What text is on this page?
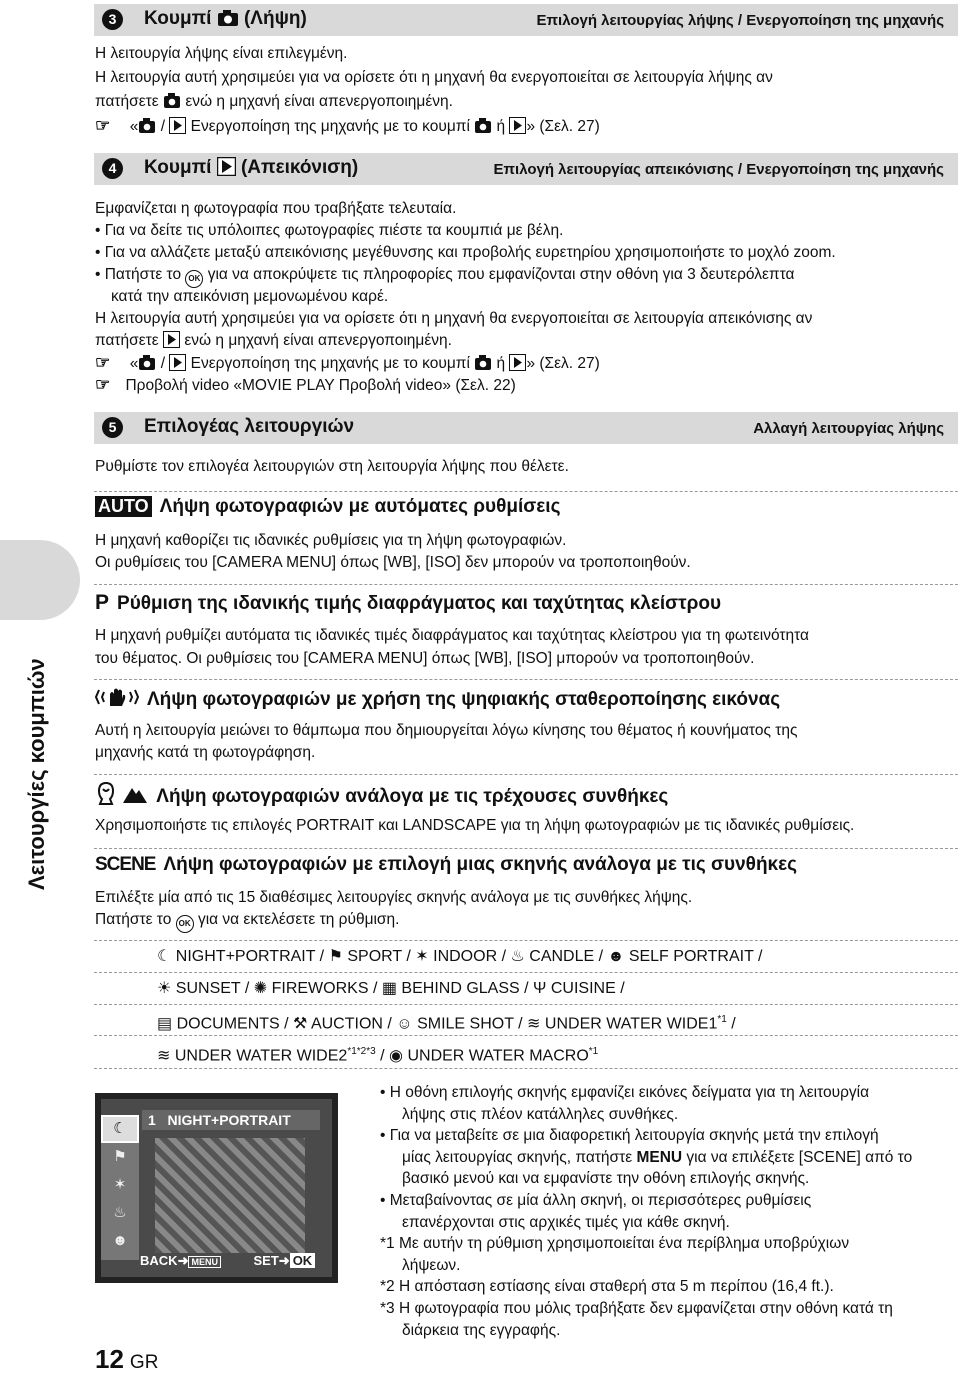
3	Κουμπί (Λήψη)	Επιλογή λειτουργίας λήψης / Ενεργοποίηση της μηχανής
Η λειτουργία λήψης είναι επιλεγμένη.
Η λειτουργία αυτή χρησιμεύει για να ορίσετε ότι η μηχανή θα ενεργοποιείται σε λειτουργία λήψης αν
πατήσετε ενώ η μηχανή είναι απενεργοποιημένη.
☞ « / Ενεργοποίηση της μηχανής με το κουμπί ή » (Σελ. 27)
4	Κουμπί (Απεικόνιση)	Επιλογή λειτουργίας απεικόνισης / Ενεργοποίηση της μηχανής
Εμφανίζεται η φωτογραφία που τραβήξατε τελευταία.
• Για να δείτε τις υπόλοιπες φωτογραφίες πιέστε τα κουμπιά με βέλη.
• Για να αλλάζετε μεταξύ απεικόνισης μεγέθυνσης και προβολής ευρετηρίου χρησιμοποιήστε το μοχλό zoom.
• Πατήστε το OK για να αποκρύψετε τις πληροφορίες που εμφανίζονται στην οθόνη για 3 δευτερόλεπτα
κατά την απεικόνιση μεμονωμένου καρέ.
Η λειτουργία αυτή χρησιμεύει για να ορίσετε ότι η μηχανή θα ενεργοποιείται σε λειτουργία απεικόνισης αν
πατήσετε ενώ η μηχανή είναι απενεργοποιημένη.
☞ « / Ενεργοποίηση της μηχανής με το κουμπί ή » (Σελ. 27)
☞ Προβολή video «MOVIE PLAY Προβολή video» (Σελ. 22)
5	Επιλογέας λειτουργιών	Αλλαγή λειτουργίας λήψης
Ρυθμίστε τον επιλογέα λειτουργιών στη λειτουργία λήψης που θέλετε.
AUTO Λήψη φωτογραφιών με αυτόματες ρυθμίσεις
Η μηχανή καθορίζει τις ιδανικές ρυθμίσεις για τη λήψη φωτογραφιών.
Οι ρυθμίσεις του [CAMERA MENU] όπως [WB], [ISO] δεν μπορούν να τροποποιηθούν.
P Ρύθμιση της ιδανικής τιμής διαφράγματος και ταχύτητας κλείστρου
Η μηχανή ρυθμίζει αυτόματα τις ιδανικές τιμές διαφράγματος και ταχύτητας κλείστρου για τη φωτεινότητα
του θέματος. Οι ρυθμίσεις του [CAMERA MENU] όπως [WB], [ISO] μπορούν να τροποποιηθούν.
Λήψη φωτογραφιών με χρήση της ψηφιακής σταθεροποίησης εικόνας
Αυτή η λειτουργία μειώνει το θάμπωμα που δημιουργείται λόγω κίνησης του θέματος ή κουνήματος της
μηχανής κατά τη φωτογράφηση.
Λήψη φωτογραφιών ανάλογα με τις τρέχουσες συνθήκες
Χρησιμοποιήστε τις επιλογές PORTRAIT και LANDSCAPE για τη λήψη φωτογραφιών με τις ιδανικές ρυθμίσεις.
SCENE Λήψη φωτογραφιών με επιλογή μιας σκηνής ανάλογα με τις συνθήκες
Επιλέξτε μία από τις 15 διαθέσιμες λειτουργίες σκηνής ανάλογα με τις συνθήκες λήψης.
Πατήστε το OK για να εκτελέσετε τη ρύθμιση.
☾ NIGHT+PORTRAIT / ⚑ SPORT / ✶ INDOOR / ♨ CANDLE / ☻ SELF PORTRAIT /
☀ SUNSET / ✺ FIREWORKS / ▦ BEHIND GLASS / Ψ CUISINE /
▤ DOCUMENTS / ⚒ AUCTION / ☺ SMILE SHOT / ≋ UNDER WATER WIDE1$^{*1}$ /
≋ UNDER WATER $WIDE2^{*1*2*3}$ / ◉ UNDER WATER MACRO$^{*1}$
1 NIGHT+PORTRAIT
☾
⚑
✶
♨
☻
BACK➜ MENU	SET➜ OK
• Η οθόνη επιλογής σκηνής εμφανίζει εικόνες δείγματα για τη λειτουργία
λήψης στις πλέον κατάλληλες συνθήκες.
• Για να μεταβείτε σε μια διαφορετική λειτουργία σκηνής μετά την επιλογή
μίας λειτουργίας σκηνής, πατήστε MENU για να επιλέξετε [SCENE] από το
βασικό μενού και να εμφανίστε την οθόνη επιλογής σκηνής.
• Μεταβαίνοντας σε μία άλλη σκηνή, οι περισσότερες ρυθμίσεις
επανέρχονται στις αρχικές τιμές για κάθε σκηνή.
*1 Με αυτήν τη ρύθμιση χρησιμοποιείται ένα περίβλημα υποβρύχιων
λήψεων.
*2 Η απόσταση εστίασης είναι σταθερή στα 5 m περίπου (16,4 ft.).
*3 Η φωτογραφία που μόλις τραβήξατε δεν εμφανίζεται στην οθόνη κατά τη
διάρκεια της εγγραφής.
Λειτουργίες κουμπιών
12 GR
